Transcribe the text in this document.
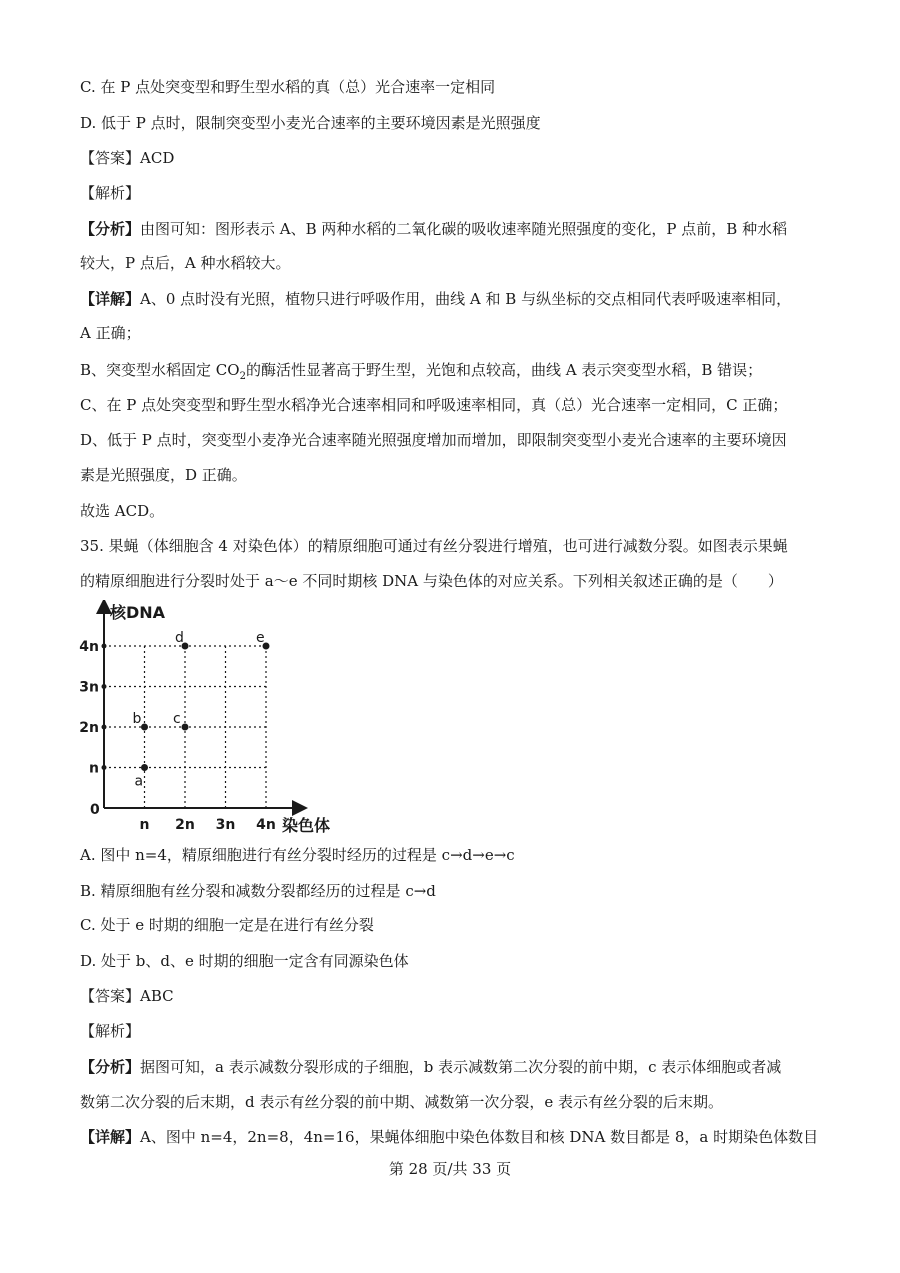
C. 在 P 点处突变型和野生型水稻的真（总）光合速率一定相同
D. 低于 P 点时，限制突变型小麦光合速率的主要环境因素是光照强度
【答案】ACD
【解析】
【分析】由图可知：图形表示 A、B 两种水稻的二氧化碳的吸收速率随光照强度的变化，P 点前，B 种水稻
较大，P 点后，A 种水稻较大。
【详解】A、0 点时没有光照，植物只进行呼吸作用，曲线 A 和 B 与纵坐标的交点相同代表呼吸速率相同，
A 正确；
B、突变型水稻固定 $CO_2$的酶活性显著高于野生型，光饱和点较高，曲线 A 表示突变型水稻，B 错误；
C、在 P 点处突变型和野生型水稻净光合速率相同和呼吸速率相同，真（总）光合速率一定相同，C 正确；
D、低于 P 点时，突变型小麦净光合速率随光照强度增加而增加，即限制突变型小麦光合速率的主要环境因
素是光照强度，D 正确。
故选 ACD。
35. 果蝇（体细胞含 4 对染色体）的精原细胞可通过有丝分裂进行增殖，也可进行减数分裂。如图表示果蝇
的精原细胞进行分裂时处于 a～e 不同时期核 DNA 与染色体的对应关系。下列相关叙述正确的是（　　）
核DNA
染色体
0
n 2n 3n 4n
n
2n
3n
4n
a
b c
d	e
A. 图中 n=4，精原细胞进行有丝分裂时经历的过程是 c→d→e→c
B. 精原细胞有丝分裂和减数分裂都经历的过程是 c→d
C. 处于 e 时期的细胞一定是在进行有丝分裂
D. 处于 b、d、e 时期的细胞一定含有同源染色体
【答案】ABC
【解析】
【分析】据图可知，a 表示减数分裂形成的子细胞，b 表示减数第二次分裂的前中期，c 表示体细胞或者减
数第二次分裂的后末期，d 表示有丝分裂的前中期、减数第一次分裂，e 表示有丝分裂的后末期。
【详解】A、图中 n=4，2n=8，4n=16，果蝇体细胞中染色体数目和核 DNA 数目都是 8，a 时期染色体数目
第 28 页/共 33 页
